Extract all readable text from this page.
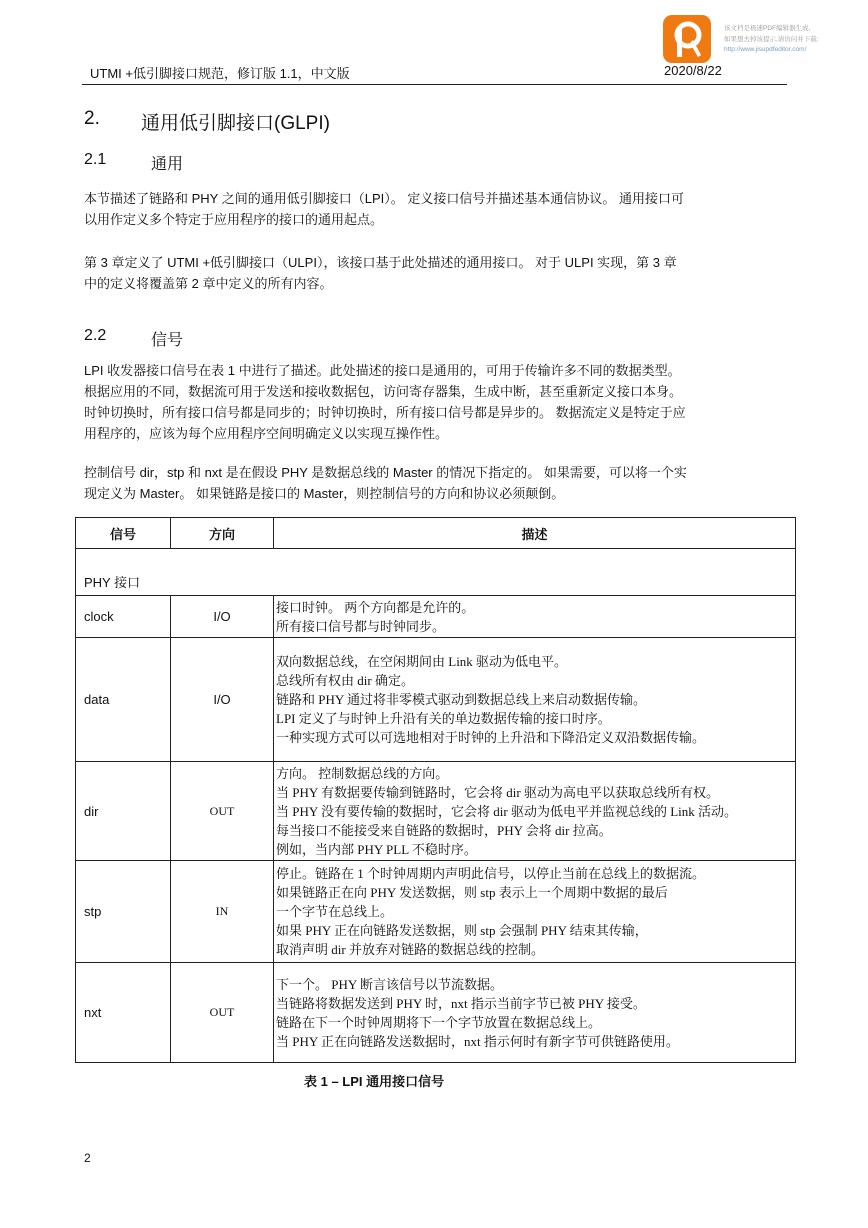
UTMI +低引脚接口规范，修订版 1.1，中文版	2020/8/22
该文档是极速PDF编辑器生成,
如果想去掉该提示,请访问并下载:
http://www.jisupdfeditor.com/
2. 通用低引脚接口(GLPI)
2.1	通用
本节描述了链路和 PHY 之间的通用低引脚接口（LPI）。 定义接口信号并描述基本通信协议。 通用接口可
以用作定义多个特定于应用程序的接口的通用起点。
第 3 章定义了 UTMI +低引脚接口（ULPI），该接口基于此处描述的通用接口。 对于 ULPI 实现，第 3 章
中的定义将覆盖第 2 章中定义的所有内容。
2.2	信号
LPI 收发器接口信号在表 1 中进行了描述。此处描述的接口是通用的，可用于传输许多不同的数据类型。
根据应用的不同，数据流可用于发送和接收数据包，访问寄存器集，生成中断，甚至重新定义接口本身。
时钟切换时，所有接口信号都是同步的；时钟切换时，所有接口信号都是异步的。 数据流定义是特定于应
用程序的，应该为每个应用程序空间明确定义以实现互操作性。
控制信号 dir，stp 和 nxt 是在假设 PHY 是数据总线的 Master 的情况下指定的。 如果需要，可以将一个实
现定义为 Master。 如果链路是接口的 Master，则控制信号的方向和协议必须颠倒。
信号	方向	描述
PHY 接口		
clock	I/O	接口时钟。 两个方向都是允许的。
所有接口信号都与时钟同步。

data	I/O	双向数据总线，在空闲期间由 Link 驱动为低电平。
总线所有权由 dir 确定。
链路和 PHY 通过将非零模式驱动到数据总线上来启动数据传输。
LPI 定义了与时钟上升沿有关的单边数据传输的接口时序。
一种实现方式可以可选地相对于时钟的上升沿和下降沿定义双沿数据传输。

dir	OUT	方向。 控制数据总线的方向。
当 PHY 有数据要传输到链路时，它会将 dir 驱动为高电平以获取总线所有权。
当 PHY 没有要传输的数据时，它会将 dir 驱动为低电平并监视总线的 Link 活动。
每当接口不能接受来自链路的数据时，PHY 会将 dir 拉高。
例如，当内部 PHY PLL 不稳时序。

stp	IN	停止。链路在 1 个时钟周期内声明此信号，以停止当前在总线上的数据流。
如果链路正在向 PHY 发送数据，则 stp 表示上一个周期中数据的最后
一个字节在总线上。
如果 PHY 正在向链路发送数据，则 stp 会强制 PHY 结束其传输，
取消声明 dir 并放弃对链路的数据总线的控制。

nxt	OUT	下一个。 PHY 断言该信号以节流数据。
当链路将数据发送到 PHY 时，nxt 指示当前字节已被 PHY 接受。
链路在下一个时钟周期将下一个字节放置在数据总线上。
当 PHY 正在向链路发送数据时，nxt 指示何时有新字节可供链路使用。
表 1 – LPI 通用接口信号
2
